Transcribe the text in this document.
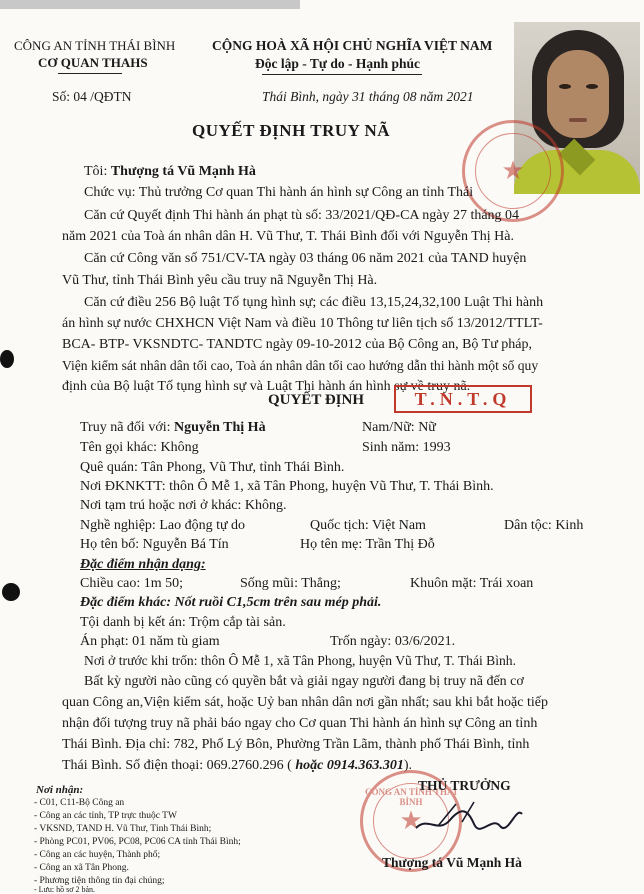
CÔNG AN TỈNH THÁI BÌNH
CƠ QUAN THAHS
Số: 04 /QĐTN
CỘNG HOÀ XÃ HỘI CHỦ NGHĨA VIỆT NAM
Độc lập - Tự do - Hạnh phúc
Thái Bình, ngày 31 tháng 08 năm 2021
★
QUYẾT ĐỊNH TRUY NÃ
Tôi: Thượng tá Vũ Mạnh Hà
Chức vụ: Thủ trưởng Cơ quan Thi hành án hình sự Công an tỉnh Thái
Căn cứ Quyết định Thi hành án phạt tù số: 33/2021/QĐ-CA ngày 27 tháng 04
năm 2021 của Toà án nhân dân H. Vũ Thư, T. Thái Bình đối với Nguyễn Thị Hà.
Căn cứ Công văn số 751/CV-TA ngày 03 tháng 06 năm 2021 của TAND huyện
Vũ Thư, tỉnh Thái Bình yêu cầu truy nã Nguyễn Thị Hà.
Căn cứ điều 256 Bộ luật Tố tụng hình sự; các điều 13,15,24,32,100 Luật Thi hành
án hình sự nước CHXHCN Việt Nam và điều 10 Thông tư liên tịch số 13/2012/TTLT-
BCA- BTP- VKSNDTC- TANDTC ngày 09-10-2012 của Bộ Công an, Bộ Tư pháp,
Viện kiểm sát nhân dân tối cao, Toà án nhân dân tối cao hướng dẫn thi hành một số quy
định của Bộ luật Tố tụng hình sự và Luật Thi hành án hình sự về truy nã.
QUYẾT ĐỊNH	T.N.T.Q
Truy nã đối với: Nguyễn Thị Hà	Nam/Nữ: Nữ
Tên gọi khác: Không	Sinh năm: 1993
Quê quán: Tân Phong, Vũ Thư, tỉnh Thái Bình.
Nơi ĐKNKTT: thôn Ô Mễ 1, xã Tân Phong, huyện Vũ Thư, T. Thái Bình.
Nơi tạm trú hoặc nơi ở khác: Không.
Nghề nghiệp: Lao động tự do	Quốc tịch: Việt Nam	Dân tộc: Kinh
Họ tên bố: Nguyễn Bá Tín	Họ tên mẹ: Trần Thị Đỗ
Đặc điểm nhận dạng:
Chiều cao: 1m 50;	Sống mũi: Thẳng;	Khuôn mặt: Trái xoan
Đặc điểm khác: Nốt ruồi C1,5cm trên sau mép phải.
Tội danh bị kết án: Trộm cắp tài sản.
Án phạt: 01 năm tù giam	Trốn ngày: 03/6/2021.
Nơi ở trước khi trốn: thôn Ô Mễ 1, xã Tân Phong, huyện Vũ Thư, T. Thái Bình.
Bất kỳ người nào cũng có quyền bắt và giải ngay người đang bị truy nã đến cơ
quan Công an,Viện kiểm sát, hoặc Uỷ ban nhân dân nơi gần nhất; sau khi bắt hoặc tiếp
nhận đối tượng truy nã phải báo ngay cho Cơ quan Thi hành án hình sự Công an tỉnh
Thái Bình. Địa chỉ: 782, Phố Lý Bôn, Phường Trần Lãm, thành phố Thái Bình, tỉnh
Thái Bình. Số điện thoại: 069.2760.296 ( hoặc 0914.363.301).
Nơi nhận:
- C01, C11-Bộ Công an
- Công an các tỉnh, TP trực thuộc TW
- VKSND, TAND H. Vũ Thư, Tỉnh Thái Bình;
- Phòng PC01, PV06, PC08, PC06 CA tỉnh Thái Bình;
- Công an các huyện, Thành phố;
- Công an xã Tân Phong.
- Phương tiện thông tin đại chúng;
- Lưu: hồ sơ 2 bản.
★
CÔNG AN TỈNH THÁI BÌNH
THỦ TRƯỞNG
Thượng tá Vũ Mạnh Hà
